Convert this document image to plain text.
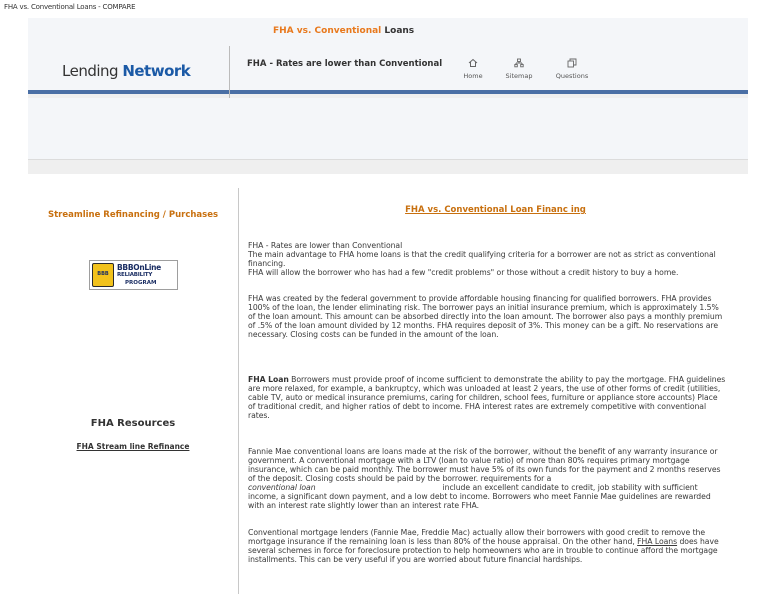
FHA vs. Conventional Loans - COMPARE
Lending Network
FHA vs. Conventional Loans
FHA - Rates are lower than Conventional
Home	Sitemap	Questions
Streamline Refinancing / Purchases
BBB
BBBOnLine
RELIABILITY
PROGRAM
FHA Resources
FHA Stream line Refinance
FHA vs. Conventional Loan Financ ing
FHA - Rates are lower than Conventional
The main advantage to FHA home loans is that the credit qualifying criteria for a borrower are not as strict as conventional financing.
FHA will allow the borrower who has had a few "credit problems" or those without a credit history to buy a home.
FHA was created by the federal government to provide affordable housing financing for qualified borrowers. FHA provides 100% of the loan, the lender eliminating risk. The borrower pays an initial insurance premium, which is approximately 1.5% of the loan amount. This amount can be absorbed directly into the loan amount. The borrower also pays a monthly premium of .5% of the loan amount divided by 12 months. FHA requires deposit of 3%. This money can be a gift. No reservations are necessary. Closing costs can be funded in the amount of the loan.
FHA Loan Borrowers must provide proof of income sufficient to demonstrate the ability to pay the mortgage. FHA guidelines are more relaxed, for example, a bankruptcy, which was unloaded at least 2 years, the use of other forms of credit (utilities, cable TV, auto or medical insurance premiums, caring for children, school fees, furniture or appliance store accounts) Place of traditional credit, and higher ratios of debt to income. FHA interest rates are extremely competitive with conventional rates.
Fannie Mae conventional loans are loans made at the risk of the borrower, without the benefit of any warranty insurance or government. A conventional mortgage with a LTV (loan to value ratio) of more than 80% requires primary mortgage insurance, which can be paid monthly. The borrower must have 5% of its own funds for the payment and 2 months reserves of the deposit. Closing costs should be paid by the borrower. requirements for a
conventional loan	include an excellent candidate to credit, job stability with sufficient income, a significant down payment, and a low debt to income. Borrowers who meet Fannie Mae guidelines are rewarded with an interest rate slightly lower than an interest rate FHA.
Conventional mortgage lenders (Fannie Mae, Freddie Mac) actually allow their borrowers with good credit to remove the mortgage insurance if the remaining loan is less than 80% of the house appraisal. On the other hand, FHA Loans does have several schemes in force for foreclosure protection to help homeowners who are in trouble to continue afford the mortgage installments. This can be very useful if you are worried about future financial hardships.
